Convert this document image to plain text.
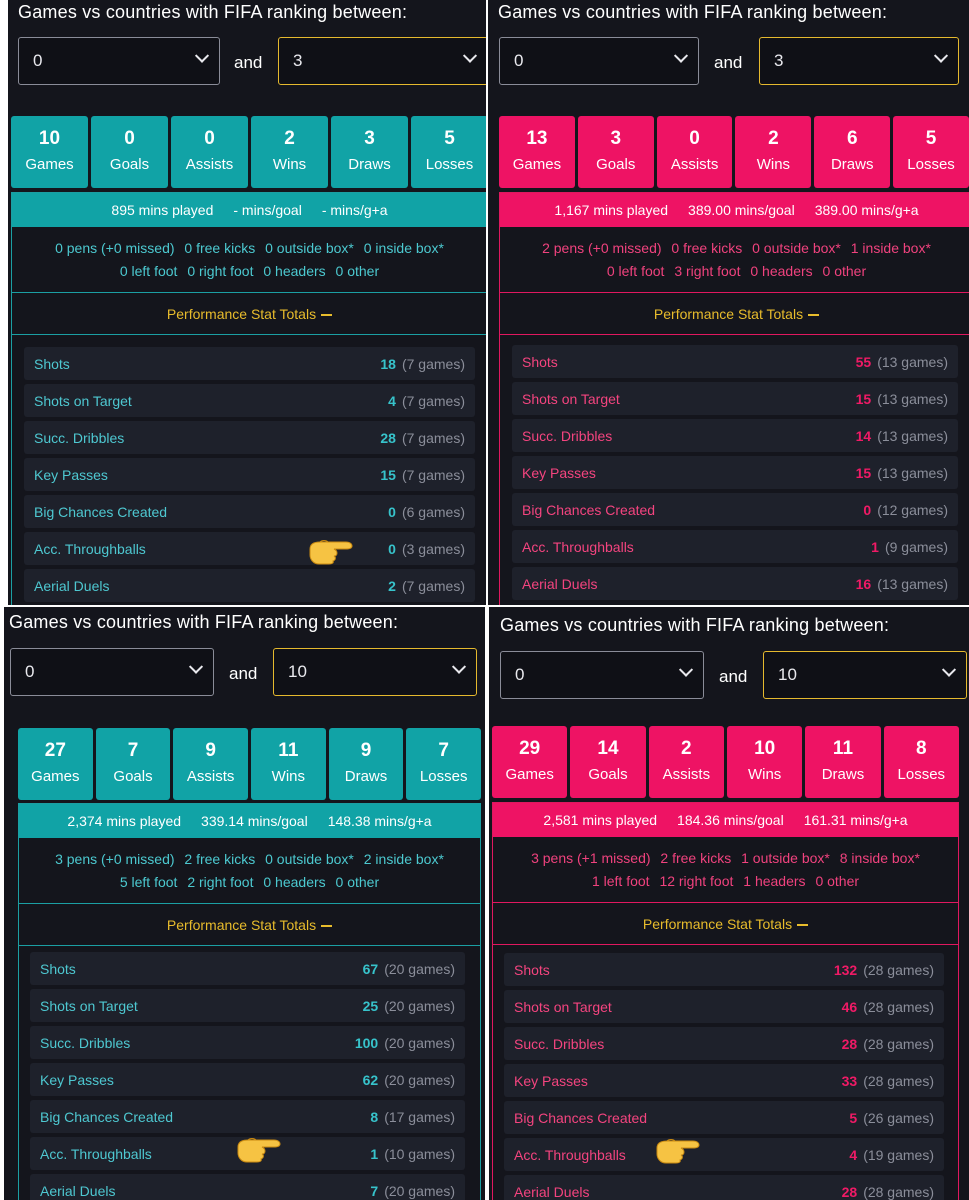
Games vs countries with FIFA ranking between:
0	and	3
10
Games
0
Goals
0
Assists
2
Wins
3
Draws
5
Losses
895 mins played - mins/goal - mins/g+a
0 pens (+0 missed) 0 free kicks 0 outside box* 0 inside box*
0 left foot 0 right foot 0 headers 0 other
Performance Stat Totals
Shots	18 (7 games)
Shots on Target	4 (7 games)
Succ. Dribbles	28 (7 games)
Key Passes	15 (7 games)
Big Chances Created	0 (6 games)
Acc. Throughballs	0 (3 games)
Aerial Duels	2 (7 games)
Games vs countries with FIFA ranking between:
0	and	3
13
Games
3
Goals
0
Assists
2
Wins
6
Draws
5
Losses
1,167 mins played 389.00 mins/goal 389.00 mins/g+a
2 pens (+0 missed) 0 free kicks 0 outside box* 1 inside box*
0 left foot 3 right foot 0 headers 0 other
Performance Stat Totals
Shots	55 (13 games)
Shots on Target	15 (13 games)
Succ. Dribbles	14 (13 games)
Key Passes	15 (13 games)
Big Chances Created	0 (12 games)
Acc. Throughballs	1 (9 games)
Aerial Duels	16 (13 games)
Games vs countries with FIFA ranking between:
0	and	10
27
Games
7
Goals
9
Assists
11
Wins
9
Draws
7
Losses
2,374 mins played 339.14 mins/goal 148.38 mins/g+a
3 pens (+0 missed) 2 free kicks 0 outside box* 2 inside box*
5 left foot 2 right foot 0 headers 0 other
Performance Stat Totals
Shots	67 (20 games)
Shots on Target	25 (20 games)
Succ. Dribbles	100 (20 games)
Key Passes	62 (20 games)
Big Chances Created	8 (17 games)
Acc. Throughballs	1 (10 games)
Aerial Duels	7 (20 games)
Games vs countries with FIFA ranking between:
0	and	10
29
Games
14
Goals
2
Assists
10
Wins
11
Draws
8
Losses
2,581 mins played 184.36 mins/goal 161.31 mins/g+a
3 pens (+1 missed) 2 free kicks 1 outside box* 8 inside box*
1 left foot 12 right foot 1 headers 0 other
Performance Stat Totals
Shots	132 (28 games)
Shots on Target	46 (28 games)
Succ. Dribbles	28 (28 games)
Key Passes	33 (28 games)
Big Chances Created	5 (26 games)
Acc. Throughballs	4 (19 games)
Aerial Duels	28 (28 games)
